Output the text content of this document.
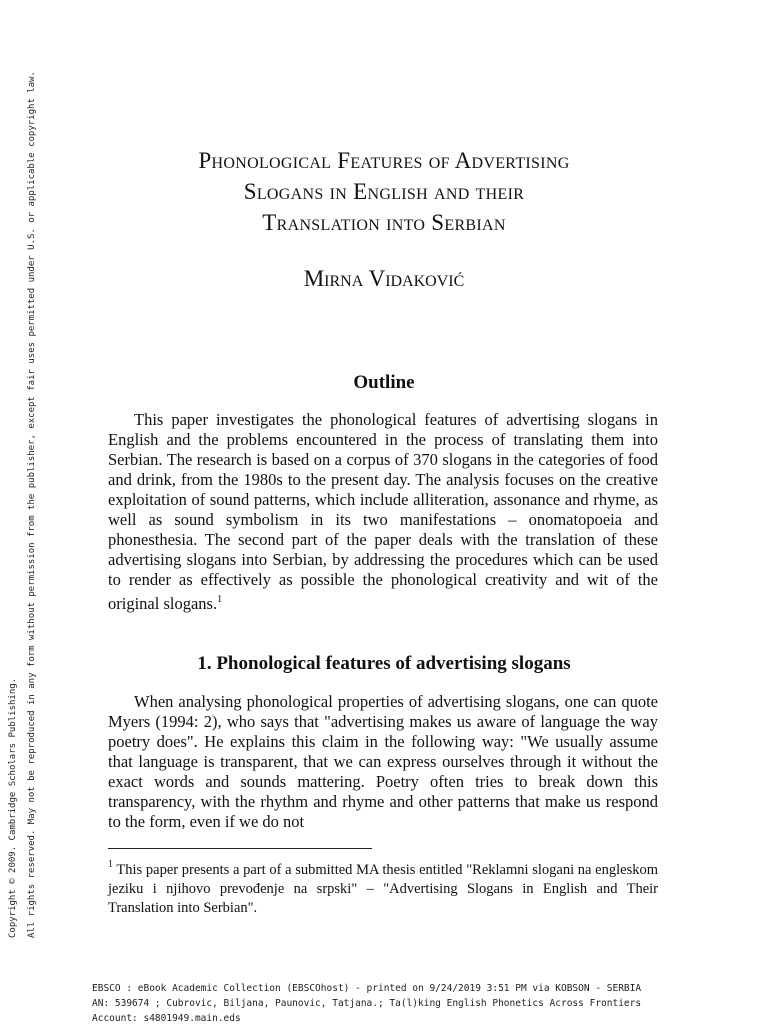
Copyright © 2009. Cambridge Scholars Publishing. All rights reserved. May not be reproduced in any form without permission from the publisher, except fair uses permitted under U.S. or applicable copyright law.	Phonological Features of Advertising
Slogans in English and their
Translation into Serbian
Mirna Vidaković
Outline

This paper investigates the phonological features of advertising slogans in English and the problems encountered in the process of translating them into Serbian. The research is based on a corpus of 370 slogans in the categories of food and drink, from the 1980s to the present day. The analysis focuses on the creative exploitation of sound patterns, which include alliteration, assonance and rhyme, as well as sound symbolism in its two manifestations – onomatopoeia and phonesthesia. The second part of the paper deals with the translation of these advertising slogans into Serbian, by addressing the procedures which can be used to render as effectively as possible the phonological creativity and wit of the original slogans.$^1$

1. Phonological features of advertising slogans

When analysing phonological properties of advertising slogans, one can quote Myers (1994: 2), who says that "advertising makes us aware of language the way poetry does". He explains this claim in the following way: "We usually assume that language is transparent, that we can express ourselves through it without the exact words and sounds mattering. Poetry often tries to break down this transparency, with the rhythm and rhyme and other patterns that make us respond to the form, even if we do not

$^1$ This paper presents a part of a submitted MA thesis entitled "Reklamni slogani na engleskom jeziku i njihovo prevođenje na srpski" – "Advertising Slogans in English and Their Translation into Serbian".

EBSCO : eBook Academic Collection (EBSCOhost) - printed on 9/24/2019 3:51 PM via KOBSON - SERBIA
AN: 539674 ; Cubrovic, Biljana, Paunovic, Tatjana.; Ta(l)king English Phonetics Across Frontiers
Account: s4801949.main.eds
